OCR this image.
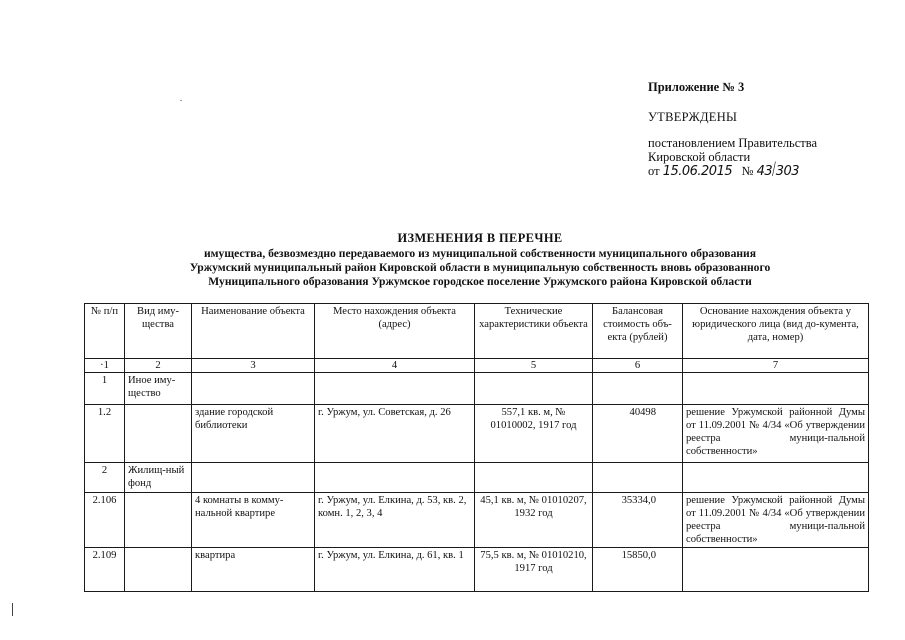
Приложение № 3
УТВЕРЖДЕНЫ
постановлением Правительства
Кировской области
от 15.06.2015 № 43/303
ИЗМЕНЕНИЯ В ПЕРЕЧНЕ
имущества, безвозмездно передаваемого из муниципальной собственности муниципального образования
Уржумский муниципальный район Кировской области в муниципальную собственность вновь образованного
Муниципального образования Уржумское городское поселение Уржумского района Кировской области
№ п/п	Вид иму-щества	Наименование объекта	Место нахождения объекта (адрес)	Технические характеристики объекта	Балансовая стоимость объ-екта (рублей)	Основание нахождения объекта у юридического лица (вид до-кумента, дата, номер)
·1	2	3	4	5	6	7
1	Иное иму-щество					
1.2		здание городской библиотеки	г. Уржум, ул. Советская, д. 26	557,1 кв. м, № 01010002, 1917 год	40498	решение Уржумской районной Думы от 11.09.2001 № 4/34 «Об утверждении реестра муници-пальной собственности»
2	Жилищ-ный фонд					
2.106		4 комнаты в комму-нальной квартире	г. Уржум, ул. Елкина, д. 53, кв. 2, комн. 1, 2, 3, 4	45,1 кв. м, № 01010207, 1932 год	35334,0	решение Уржумской районной Думы от 11.09.2001 № 4/34 «Об утверждении реестра муници-пальной собственности»
2.109		квартира	г. Уржум, ул. Елкина, д. 61, кв. 1	75,5 кв. м, № 01010210, 1917 год	15850,0	
